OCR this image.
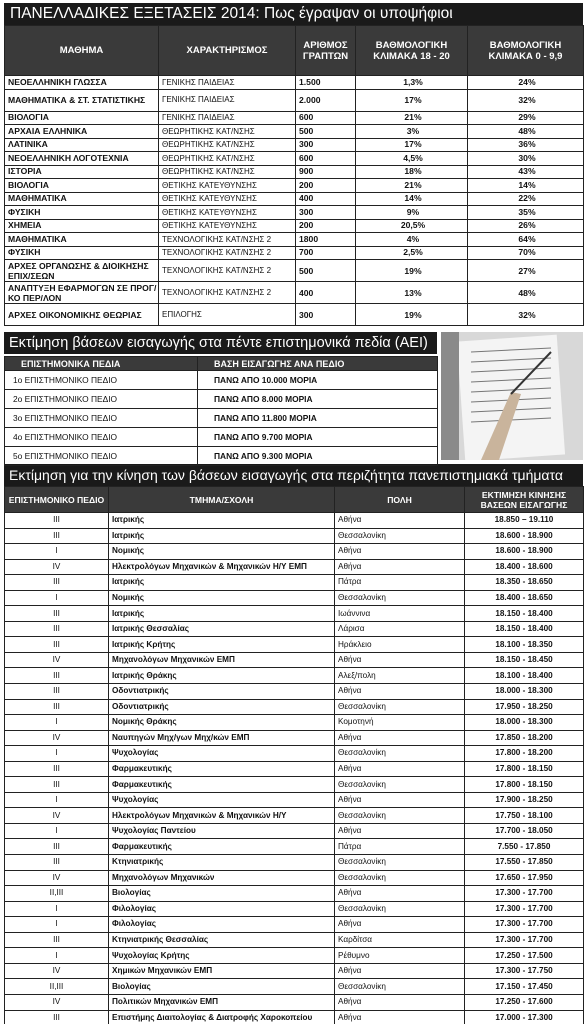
ΠΑΝΕΛΛΑΔΙΚΕΣ ΕΞΕΤΑΣΕΙΣ 2014: Πως έγραψαν οι υποψήφιοι
ΜΑΘΗΜΑ	ΧΑΡΑΚΤΗΡΙΣΜΟΣ	ΑΡΙΘΜΟΣ ΓΡΑΠΤΩΝ	ΒΑΘΜΟΛΟΓΙΚΗ ΚΛΙΜΑΚΑ 18 - 20	ΒΑΘΜΟΛΟΓΙΚΗ ΚΛΙΜΑΚΑ 0 - 9,9
ΝΕΟΕΛΛΗΝΙΚΗ ΓΛΩΣΣΑ	ΓΕΝΙΚΗΣ ΠΑΙΔΕΙΑΣ	1.500	1,3%	24%
ΜΑΘΗΜΑΤΙΚΑ & ΣΤ. ΣΤΑΤΙΣΤΙΚΗΣ	ΓΕΝΙΚΗΣ ΠΑΙΔΕΙΑΣ	2.000	17%	32%
ΒΙΟΛΟΓΙΑ	ΓΕΝΙΚΗΣ ΠΑΙΔΕΙΑΣ	600	21%	29%
ΑΡΧΑΙΑ ΕΛΛΗΝΙΚΑ	ΘΕΩΡΗΤΙΚΗΣ ΚΑΤ/ΝΣΗΣ	500	3%	48%
ΛΑΤΙΝΙΚΑ	ΘΕΩΡΗΤΙΚΗΣ ΚΑΤ/ΝΣΗΣ	300	17%	36%
ΝΕΟΕΛΛΗΝΙΚΗ ΛΟΓΟΤΕΧΝΙΑ	ΘΕΩΡΗΤΙΚΗΣ ΚΑΤ/ΝΣΗΣ	600	4,5%	30%
ΙΣΤΟΡΙΑ	ΘΕΩΡΗΤΙΚΗΣ ΚΑΤ/ΝΣΗΣ	900	18%	43%
ΒΙΟΛΟΓΙΑ	ΘΕΤΙΚΗΣ ΚΑΤΕΥΘΥΝΣΗΣ	200	21%	14%
ΜΑΘΗΜΑΤΙΚΑ	ΘΕΤΙΚΗΣ ΚΑΤΕΥΘΥΝΣΗΣ	400	14%	22%
ΦΥΣΙΚΗ	ΘΕΤΙΚΗΣ ΚΑΤΕΥΘΥΝΣΗΣ	300	9%	35%
ΧΗΜΕΙΑ	ΘΕΤΙΚΗΣ ΚΑΤΕΥΘΥΝΣΗΣ	200	20,5%	26%
ΜΑΘΗΜΑΤΙΚΑ	ΤΕΧΝΟΛΟΓΙΚΗΣ ΚΑΤ/ΝΣΗΣ 2	1800	4%	64%
ΦΥΣΙΚΗ	ΤΕΧΝΟΛΟΓΙΚΗΣ ΚΑΤ/ΝΣΗΣ 2	700	2,5%	70%
ΑΡΧΕΣ ΟΡΓΑΝΩΣΗΣ & ΔΙΟΙΚΗΣΗΣ ΕΠΙΧ/ΣΕΩΝ	ΤΕΧΝΟΛΟΓΙΚΗΣ ΚΑΤ/ΝΣΗΣ 2	500	19%	27%
ΑΝΑΠΤΥΞΗ ΕΦΑΡΜΟΓΩΝ ΣΕ ΠΡΟΓ/ΚΟ ΠΕΡ/ΛΟΝ	ΤΕΧΝΟΛΟΓΙΚΗΣ ΚΑΤ/ΝΣΗΣ 2	400	13%	48%
ΑΡΧΕΣ ΟΙΚΟΝΟΜΙΚΗΣ ΘΕΩΡΙΑΣ	ΕΠΙΛΟΓΗΣ	300	19%	32%
Εκτίμηση βάσεων εισαγωγής στα πέντε επιστημονικά πεδία (ΑΕΙ)
ΕΠΙΣΤΗΜΟΝΙΚΑ ΠΕΔΙΑ	ΒΑΣΗ ΕΙΣΑΓΩΓΗΣ ΑΝΑ ΠΕΔΙΟ
1ο ΕΠΙΣΤΗΜΟΝΙΚΟ ΠΕΔΙΟ	ΠΑΝΩ ΑΠΟ 10.000 ΜΟΡΙΑ
2ο ΕΠΙΣΤΗΜΟΝΙΚΟ ΠΕΔΙΟ	ΠΑΝΩ ΑΠΟ 8.000 ΜΟΡΙΑ
3ο ΕΠΙΣΤΗΜΟΝΙΚΟ ΠΕΔΙΟ	ΠΑΝΩ ΑΠΟ 11.800 ΜΟΡΙΑ
4ο ΕΠΙΣΤΗΜΟΝΙΚΟ ΠΕΔΙΟ	ΠΑΝΩ ΑΠΟ 9.700 ΜΟΡΙΑ
5ο ΕΠΙΣΤΗΜΟΝΙΚΟ ΠΕΔΙΟ	ΠΑΝΩ ΑΠΟ 9.300 ΜΟΡΙΑ
Εκτίμηση για την κίνηση των βάσεων εισαγωγής στα περιζήτητα πανεπιστημιακά τμήματα
ΕΠΙΣΤΗΜΟΝΙΚΟ ΠΕΔΙΟ	ΤΜΗΜΑ/ΣΧΟΛΗ	ΠΟΛΗ	ΕΚΤΙΜΗΣΗ ΚΙΝΗΣΗΣ ΒΑΣΕΩΝ ΕΙΣΑΓΩΓΗΣ
III	Ιατρικής	Αθήνα	18.850 – 19.110
III	Ιατρικής	Θεσσαλονίκη	18.600 - 18.900
I	Νομικής	Αθήνα	18.600 - 18.900
IV	Ηλεκτρολόγων Μηχανικών & Μηχανικών Η/Υ ΕΜΠ	Αθήνα	18.400 - 18.600
III	Ιατρικής	Πάτρα	18.350 - 18.650
I	Νομικής	Θεσσαλονίκη	18.400 - 18.650
III	Ιατρικής	Ιωάννινα	18.150 - 18.400
III	Ιατρικής Θεσσαλίας	Λάρισα	18.150 - 18.400
III	Ιατρικής Κρήτης	Ηράκλειο	18.100 - 18.350
IV	Μηχανολόγων Μηχανικών ΕΜΠ	Αθήνα	18.150 - 18.450
III	Ιατρικής Θράκης	Αλεξ/πολη	18.100 - 18.400
III	Οδοντιατρικής	Αθήνα	18.000 - 18.300
III	Οδοντιατρικής	Θεσσαλονίκη	17.950 - 18.250
I	Νομικής Θράκης	Κομοτηνή	18.000 - 18.300
IV	Ναυπηγών Μηχ/γων Μηχ/κών ΕΜΠ	Αθήνα	17.850 - 18.200
I	Ψυχολογίας	Θεσσαλονίκη	17.800 - 18.200
III	Φαρμακευτικής	Αθήνα	17.800 - 18.150
III	Φαρμακευτικής	Θεσσαλονίκη	17.800 - 18.150
I	Ψυχολογίας	Αθήνα	17.900 - 18.250
IV	Ηλεκτρολόγων Μηχανικών & Μηχανικών Η/Υ	Θεσσαλονίκη	17.750 - 18.100
I	Ψυχολογίας Παντείου	Αθήνα	17.700 - 18.050
III	Φαρμακευτικής	Πάτρα	7.550 - 17.850
III	Κτηνιατρικής	Θεσσαλονίκη	17.550 - 17.850
IV	Μηχανολόγων Μηχανικών	Θεσσαλονίκη	17.650 - 17.950
II,III	Βιολογίας	Αθήνα	17.300 - 17.700
I	Φιλολογίας	Θεσσαλονίκη	17.300 - 17.700
I	Φιλολογίας	Αθήνα	17.300 - 17.700
III	Κτηνιατρικής Θεσσαλίας	Καρδίτσα	17.300 - 17.700
I	Ψυχολογίας Κρήτης	Ρέθυμνο	17.250 - 17.500
IV	Χημικών Μηχανικών ΕΜΠ	Αθήνα	17.300 - 17.750
II,III	Βιολογίας	Θεσσαλονίκη	17.150 - 17.450
IV	Πολιτικών Μηχανικών ΕΜΠ	Αθήνα	17.250 - 17.600
III	Επιστήμης Διαιτολογίας & Διατροφής Χαροκοπείου	Αθήνα	17.000 - 17.300
